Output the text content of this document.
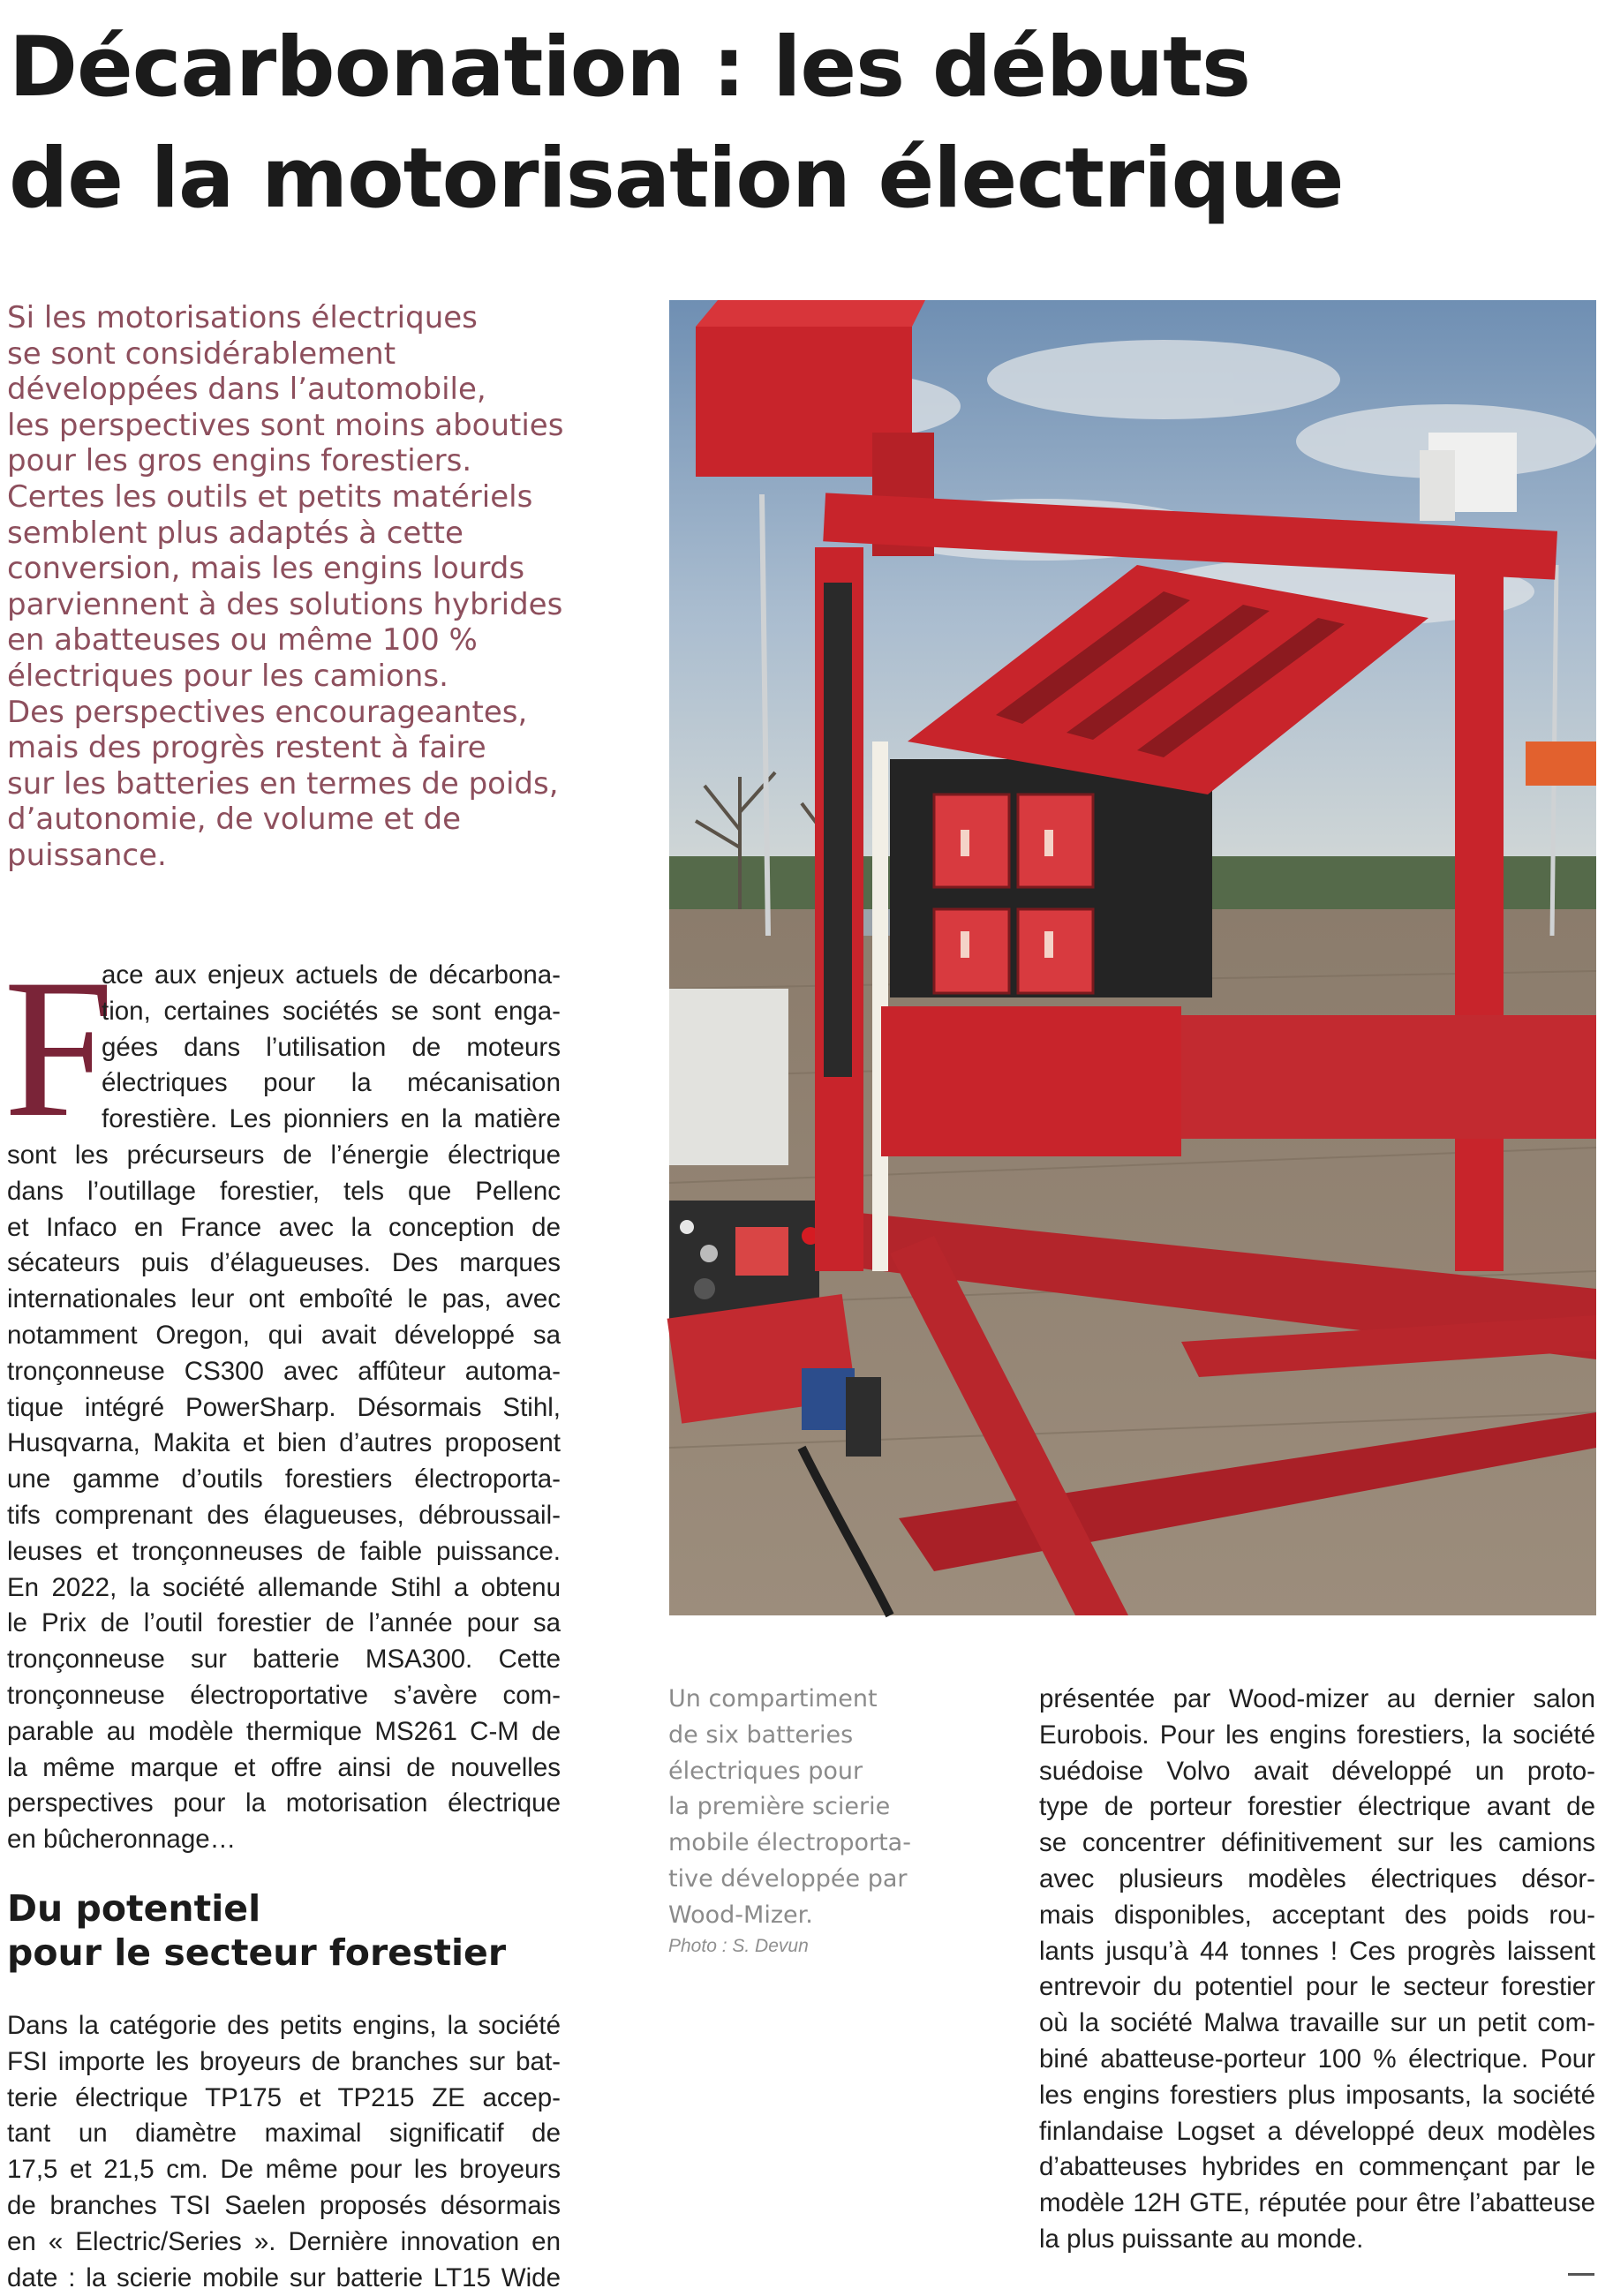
Décarbonation : les débuts
de la motorisation électrique

Si les motorisations électriques
se sont considérablement
développées dans l’automobile,
les perspectives sont moins abouties
pour les gros engins forestiers.
Certes les outils et petits matériels
semblent plus adaptés à cette
conversion, mais les engins lourds
parviennent à des solutions hybrides
en abatteuses ou même 100 %
électriques pour les camions.
Des perspectives encourageantes,
mais des progrès restent à faire
sur les batteries en termes de poids,
d’autonomie, de volume et de
puissance.

F
ace aux enjeux actuels de décarbona-
tion, certaines sociétés se sont enga-
gées dans l’utilisation de moteurs
électriques pour la mécanisation
forestière. Les pionniers en la matière
sont les précurseurs de l’énergie électrique
dans l’outillage forestier, tels que Pellenc
et Infaco en France avec la conception de
sécateurs puis d’élagueuses. Des marques
internationales leur ont emboîté le pas, avec
notamment Oregon, qui avait développé sa
tronçonneuse CS300 avec affûteur automa-
tique intégré PowerSharp. Désormais Stihl,
Husqvarna, Makita et bien d’autres proposent
une gamme d’outils forestiers électroporta-
tifs comprenant des élagueuses, débroussail-
leuses et tronçonneuses de faible puissance.
En 2022, la société allemande Stihl a obtenu
le Prix de l’outil forestier de l’année pour sa
tronçonneuse sur batterie MSA300. Cette
tronçonneuse électroportative s’avère com-
parable au modèle thermique MS261 C-M de
la même marque et offre ainsi de nouvelles
perspectives pour la motorisation électrique
en bûcheronnage…
Du potentiel
pour le secteur forestier
Dans la catégorie des petits engins, la société
FSI importe les broyeurs de branches sur bat-
terie électrique TP175 et TP215 ZE accep-
tant un diamètre maximal significatif de
17,5 et 21,5 cm. De même pour les broyeurs
de branches TSI Saelen proposés désormais
en « Electric/Series ». Dernière innovation en
date : la scierie mobile sur batterie LT15 Wide
Un compartiment
de six batteries
électriques pour
la première scierie
mobile électroporta-
tive développée par
Wood-Mizer.
Photo : S. Devun
présentée par Wood-mizer au dernier salon
Eurobois. Pour les engins forestiers, la société
suédoise Volvo avait développé un proto-
type de porteur forestier électrique avant de
se concentrer définitivement sur les camions
avec plusieurs modèles électriques désor-
mais disponibles, acceptant des poids rou-
lants jusqu’à 44 tonnes ! Ces progrès laissent
entrevoir du potentiel pour le secteur forestier
où la société Malwa travaille sur un petit com-
biné abatteuse-porteur 100 % électrique. Pour
les engins forestiers plus imposants, la société
finlandaise Logset a développé deux modèles
d’abatteuses hybrides en commençant par le
modèle 12H GTE, réputée pour être l’abatteuse
la plus puissante au monde.
